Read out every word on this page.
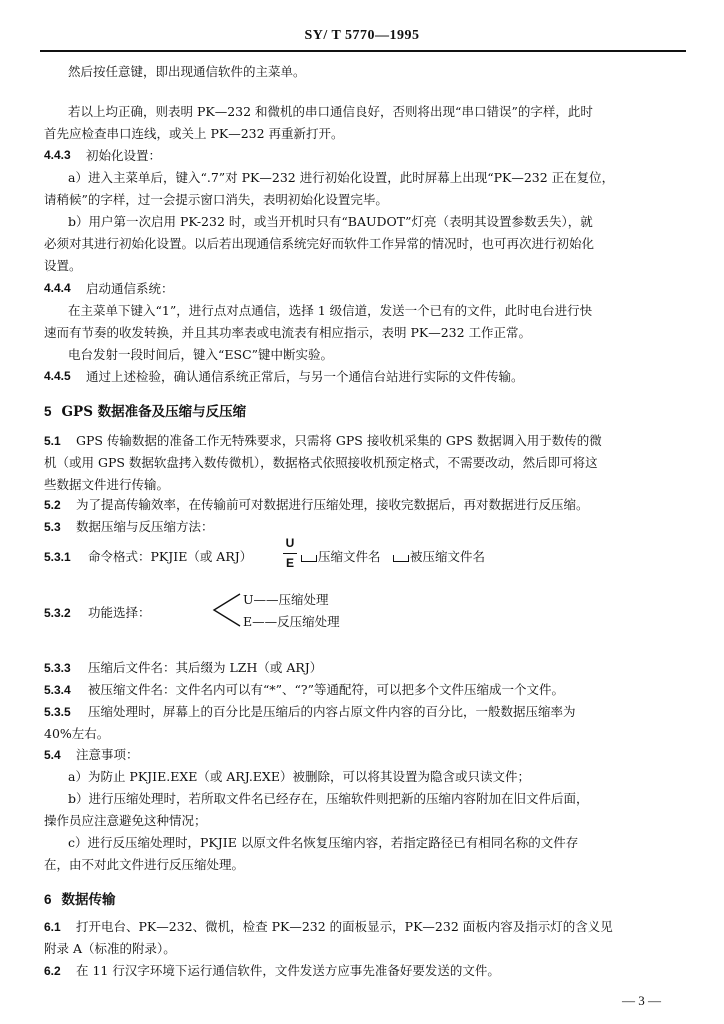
SY/ T 5770—1995
然后按任意键，即出现通信软件的主菜单。
若以上均正确，则表明 PK—232 和微机的串口通信良好，否则将出现“串口错误”的字样，此时
首先应检查串口连线，或关上 PK—232 再重新打开。
4.4.3 初始化设置：
a）进入主菜单后，键入“.7”对 PK—232 进行初始化设置，此时屏幕上出现“PK—232 正在复位，
请稍候”的字样，过一会提示窗口消失，表明初始化设置完毕。
b）用户第一次启用 PK-232 时，或当开机时只有“BAUDOT”灯亮（表明其设置参数丢失），就
必须对其进行初始化设置。以后若出现通信系统完好而软件工作异常的情况时，也可再次进行初始化
设置。
4.4.4 启动通信系统：
在主菜单下键入“1”，进行点对点通信，选择 1 级信道，发送一个已有的文件，此时电台进行快
速而有节奏的收发转换，并且其功率表或电流表有相应指示，表明 PK—232 工作正常。
电台发射一段时间后，键入“ESC”键中断实验。
4.4.5 通过上述检验，确认通信系统正常后，与另一个通信台站进行实际的文件传输。
5 GPS 数据准备及压缩与反压缩
5.1 GPS 传输数据的准备工作无特殊要求，只需将 GPS 接收机采集的 GPS 数据调入用于数传的微
机（或用 GPS 数据软盘拷入数传微机），数据格式依照接收机预定格式，不需要改动，然后即可将这
些数据文件进行传输。
5.2 为了提高传输效率，在传输前可对数据进行压缩处理，接收完数据后，再对数据进行反压缩。
5.3 数据压缩与反压缩方法：
5.3.1 命令格式：PKJIE（或 ARJ）
U
E 压缩文件名 被压缩文件名
5.3.2 功能选择：
U——压缩处理
E——反压缩处理
5.3.3 压缩后文件名：其后缀为 LZH（或 ARJ）
5.3.4 被压缩文件名：文件名内可以有“*”、“?”等通配符，可以把多个文件压缩成一个文件。
5.3.5 压缩处理时，屏幕上的百分比是压缩后的内容占原文件内容的百分比，一般数据压缩率为
40%左右。
5.4 注意事项：
a）为防止 PKJIE.EXE（或 ARJ.EXE）被删除，可以将其设置为隐含或只读文件；
b）进行压缩处理时，若所取文件名已经存在，压缩软件则把新的压缩内容附加在旧文件后面，
操作员应注意避免这种情况；
c）进行反压缩处理时，PKJIE 以原文件名恢复压缩内容，若指定路径已有相同名称的文件存
在，由不对此文件进行反压缩处理。
6 数据传输
6.1 打开电台、PK—232、微机，检查 PK—232 的面板显示，PK—232 面板内容及指示灯的含义见
附录 A（标准的附录）。
6.2 在 11 行汉字环境下运行通信软件，文件发送方应事先准备好要发送的文件。
— 3 —
